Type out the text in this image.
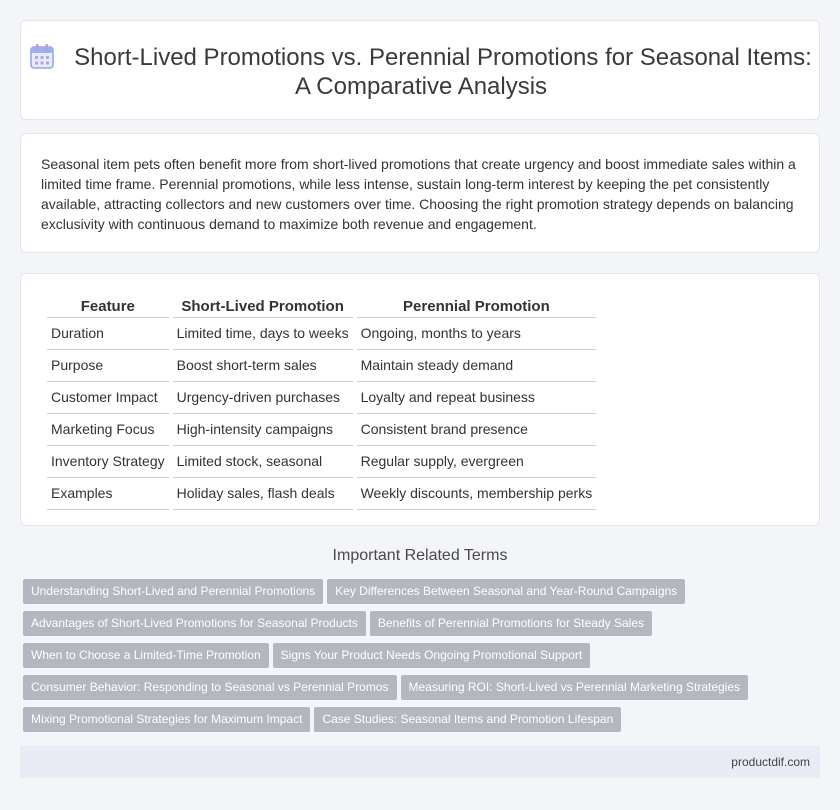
Short-Lived Promotions vs. Perennial Promotions for Seasonal Items: A Comparative Analysis

Seasonal item pets often benefit more from short-lived promotions that create urgency and boost immediate sales within a limited time frame. Perennial promotions, while less intense, sustain long-term interest by keeping the pet consistently available, attracting collectors and new customers over time. Choosing the right promotion strategy depends on balancing exclusivity with continuous demand to maximize both revenue and engagement.

Feature	Short-Lived Promotion	Perennial Promotion
Duration	Limited time, days to weeks	Ongoing, months to years
Purpose	Boost short-term sales	Maintain steady demand
Customer Impact	Urgency-driven purchases	Loyalty and repeat business
Marketing Focus	High-intensity campaigns	Consistent brand presence
Inventory Strategy	Limited stock, seasonal	Regular supply, evergreen
Examples	Holiday sales, flash deals	Weekly discounts, membership perks
Important Related Terms
Understanding Short-Lived and Perennial Promotions Key Differences Between Seasonal and Year-Round Campaigns
Advantages of Short-Lived Promotions for Seasonal Products Benefits of Perennial Promotions for Steady Sales
When to Choose a Limited-Time Promotion Signs Your Product Needs Ongoing Promotional Support
Consumer Behavior: Responding to Seasonal vs Perennial Promos Measuring ROI: Short-Lived vs Perennial Marketing Strategies
Mixing Promotional Strategies for Maximum Impact Case Studies: Seasonal Items and Promotion Lifespan
productdif.com
